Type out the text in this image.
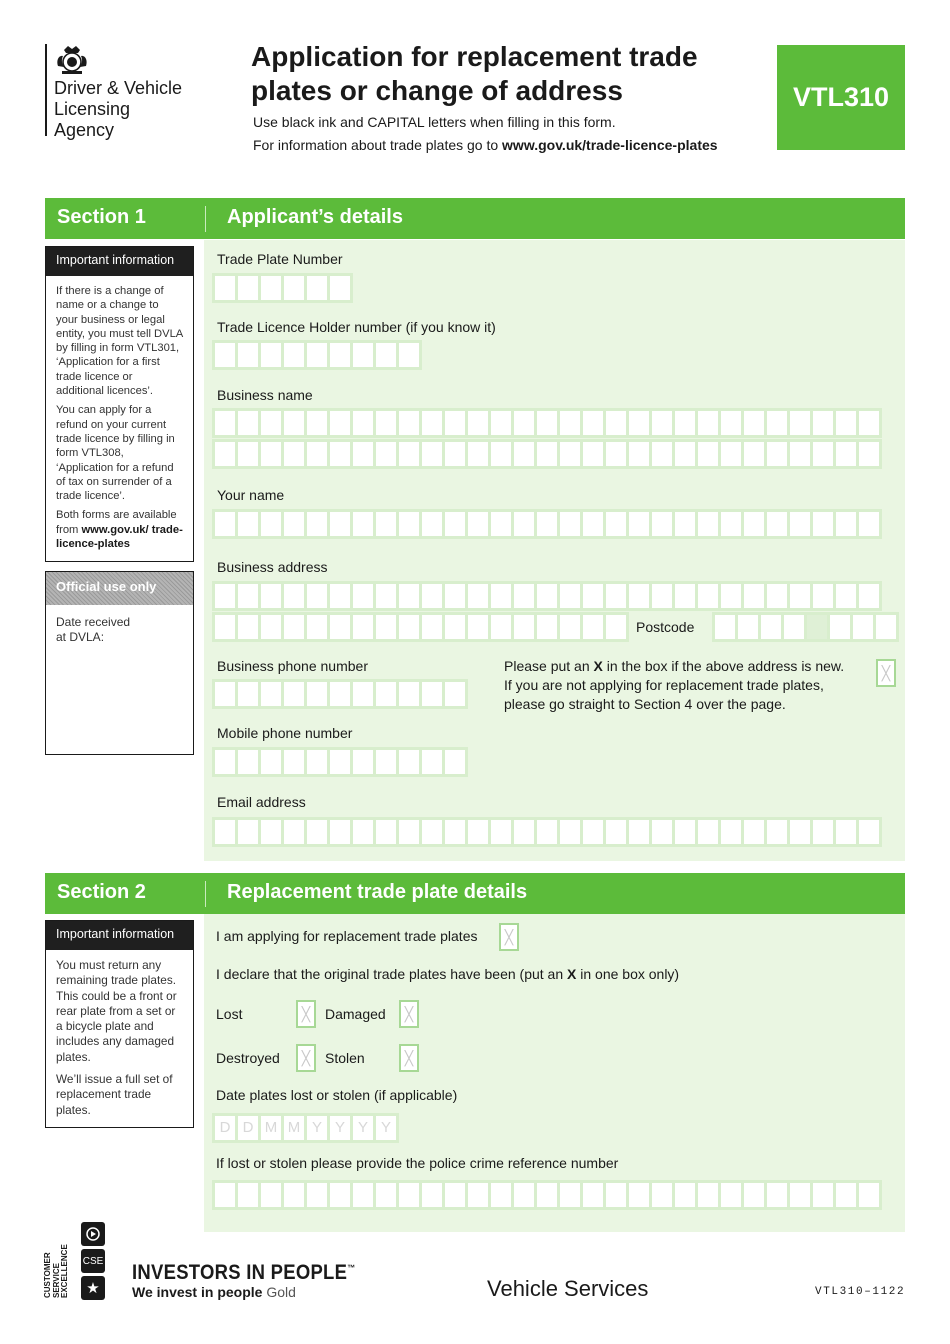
Driver & Vehicle
Licensing
Agency
Application for replacement trade
plates or change of address
Use black ink and CAPITAL letters when filling in this form.
For information about trade plates go to www.gov.uk/trade-licence-plates
VTL310
Section 1	Applicant’s details
Important information

If there is a change of name or a change to your business or legal entity, you must tell DVLA by filling in form VTL301, ‘Application for a first trade licence or additional licences’.

You can apply for a refund on your current trade licence by filling in form VTL308, ‘Application for a refund of tax on surrender of a trade licence’.

Both forms are available from www.gov.uk/ trade-licence-plates

Official use only
Date received at DVLA:
Trade Plate Number
Trade Licence Holder number (if you know it)
Business name
Your name
Business address
Postcode
Business phone number	Please put an X in the box if the above address is new.
If you are not applying for replacement trade plates,
please go straight to Section 4 over the page.
╳
Mobile phone number
Email address
Section 2	Replacement trade plate details
Important information

You must return any remaining trade plates. This could be a front or rear plate from a set or a bicycle plate and includes any damaged plates.

We’ll issue a full set of replacement trade plates.

I am applying for replacement trade plates
╳
I declare that the original trade plates have been (put an X in one box only)
Lost ╳	Damaged
╳
Destroyed ╳	Stolen
╳
Date plates lost or stolen (if applicable)
D D M M Y Y Y Y
If lost or stolen please provide the police crime reference number
CUSTOMER SERVICE EXCELLENCE CSE
★
INVESTORS IN PEOPLE™
We invest in people Gold	Vehicle Services	VTL310–1122
